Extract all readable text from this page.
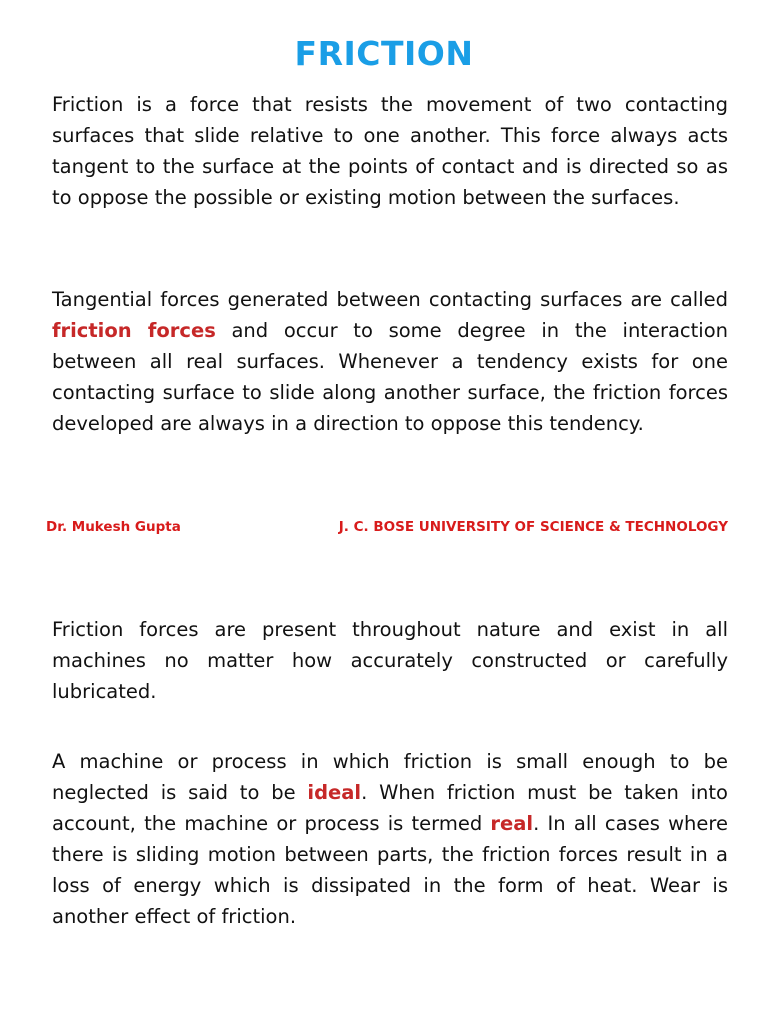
FRICTION

Friction is a force that resists the movement of two contacting surfaces that slide relative to one another. This force always acts tangent to the surface at the points of contact and is directed so as to oppose the possible or existing motion between the surfaces.

Tangential forces generated between contacting surfaces are called friction forces and occur to some degree in the interaction between all real surfaces. Whenever a tendency exists for one contacting surface to slide along another surface, the friction forces developed are always in a direction to oppose this tendency.

Dr. Mukesh Gupta	J. C. BOSE UNIVERSITY OF SCIENCE & TECHNOLOGY

Friction forces are present throughout nature and exist in all machines no matter how accurately constructed or carefully lubricated.

A machine or process in which friction is small enough to be neglected is said to be ideal. When friction must be taken into account, the machine or process is termed real. In all cases where there is sliding motion between parts, the friction forces result in a loss of energy which is dissipated in the form of heat. Wear is another effect of friction.
